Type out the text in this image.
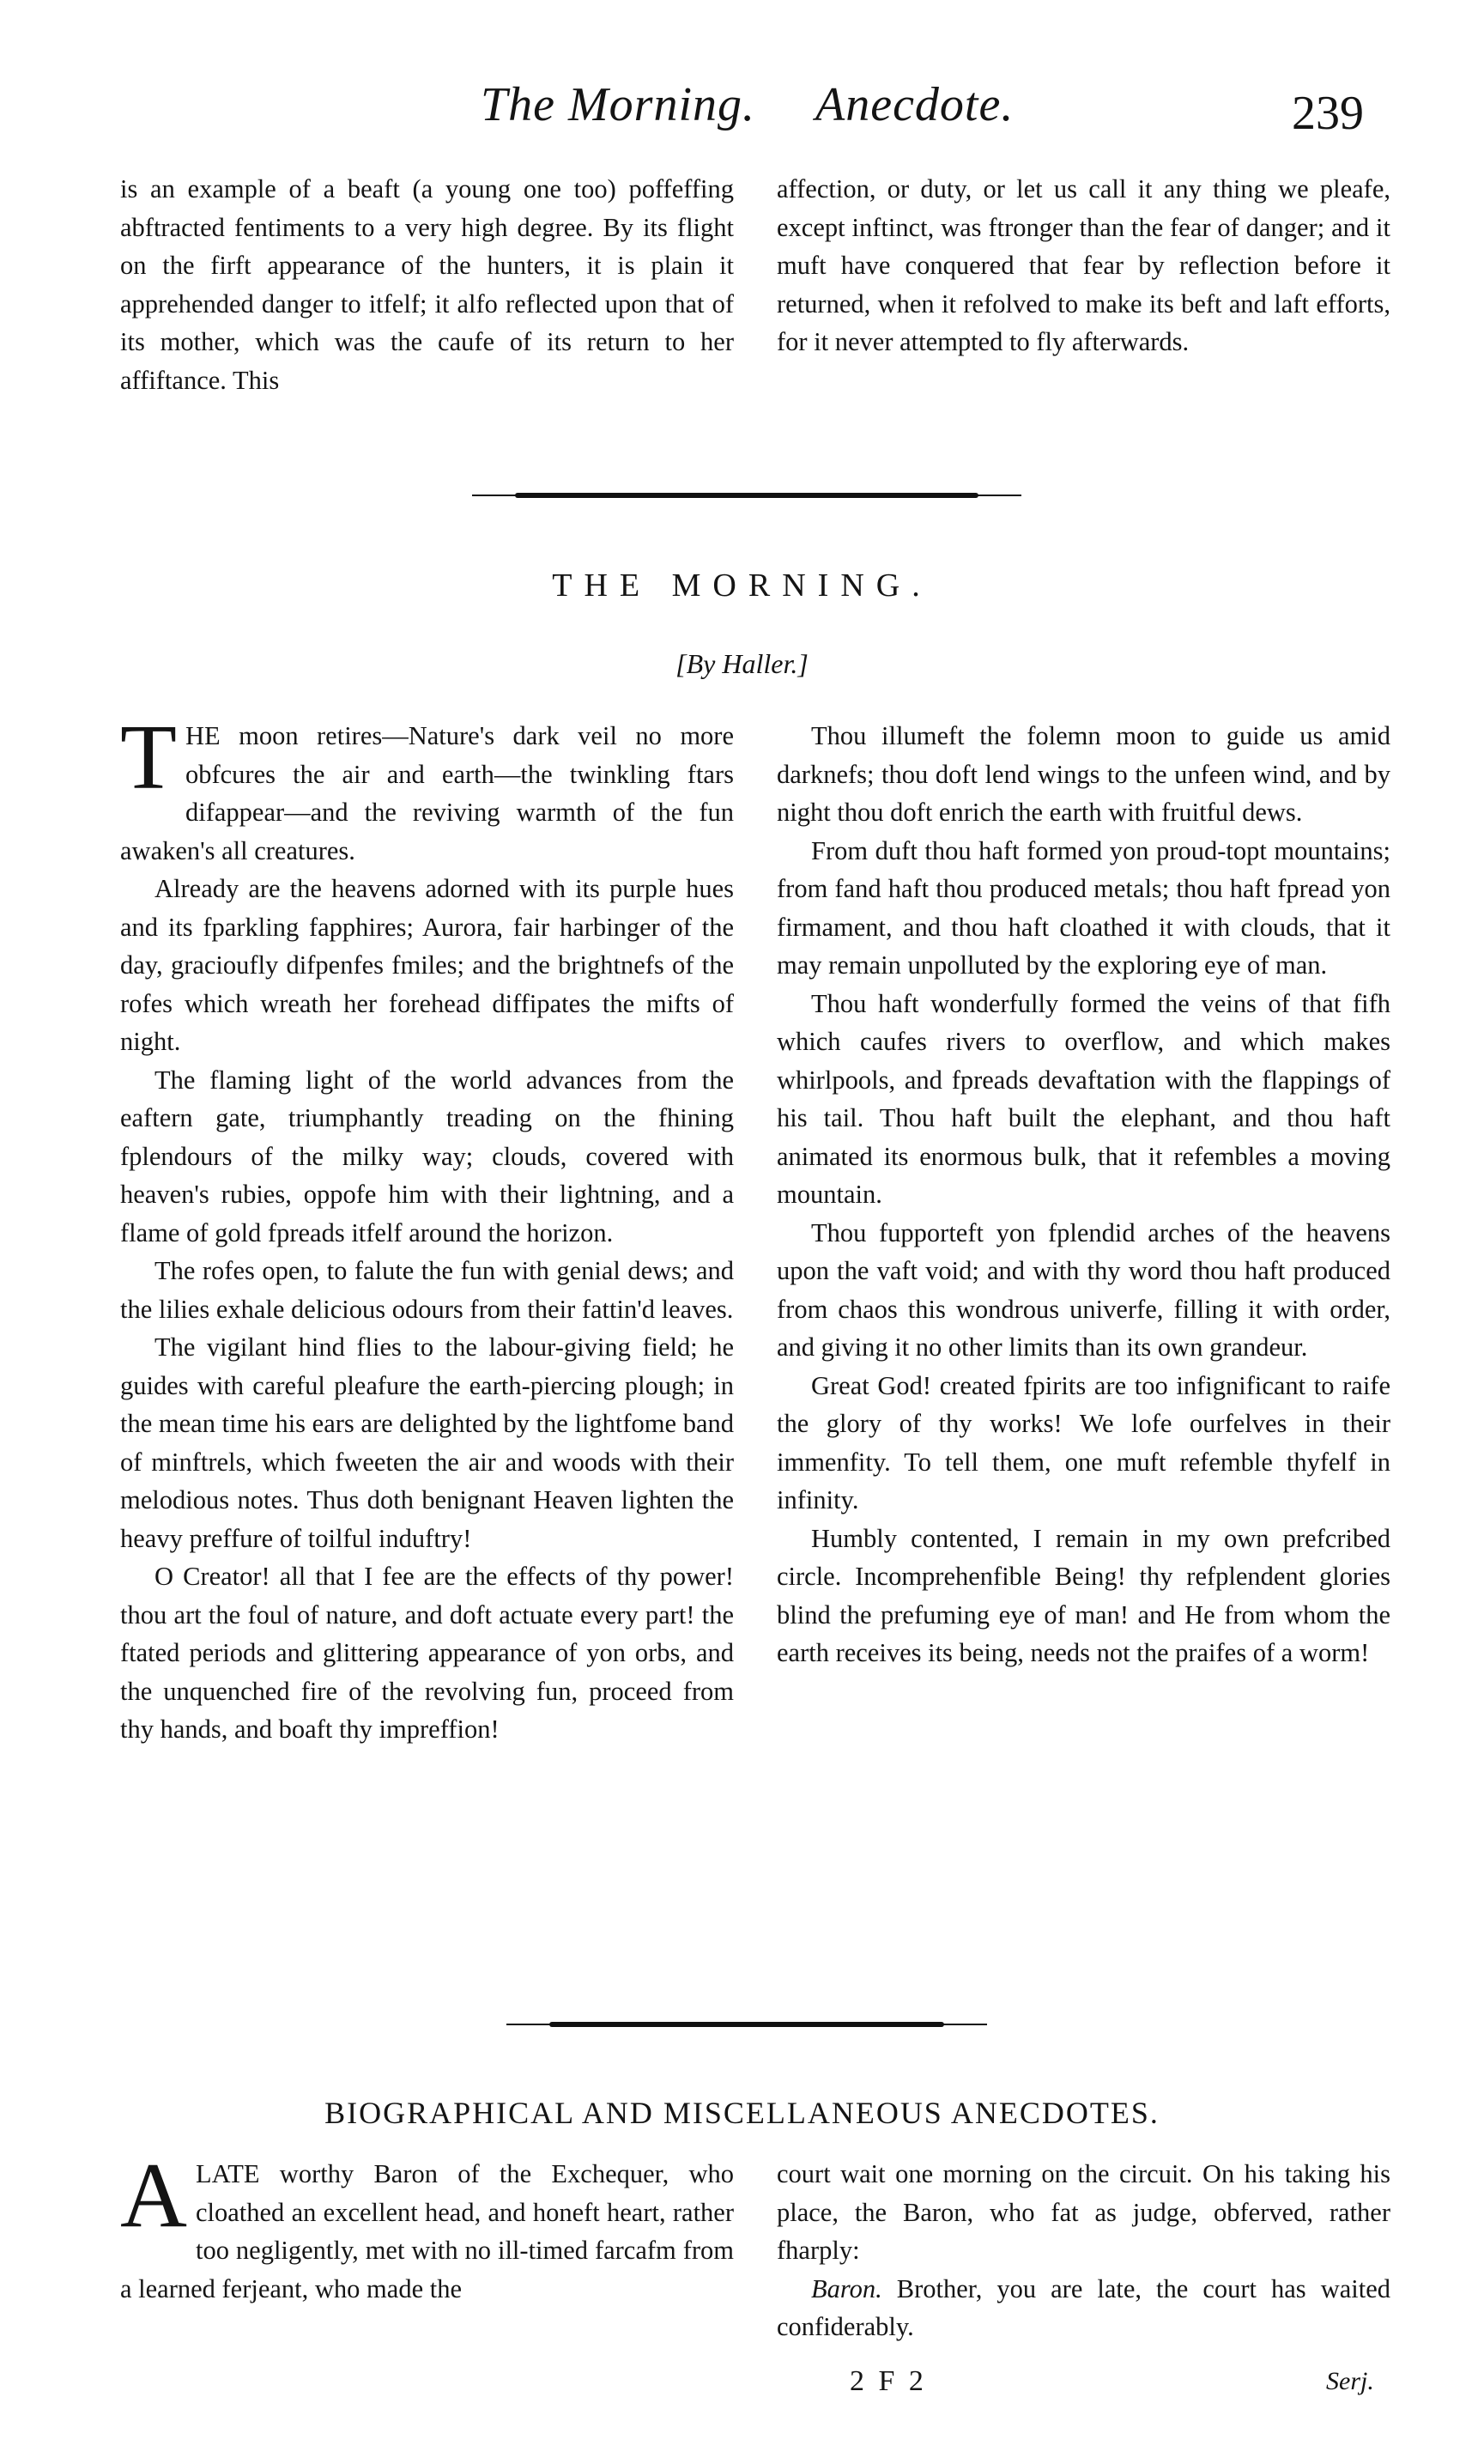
The Morning. Anecdote.	239

is an example of a beaft (a young one too) poffeffing abftracted fentiments to a very high degree. By its flight on the firft appearance of the hunters, it is plain it apprehended danger to itfelf; it alfo reflected upon that of its mother, which was the caufe of its return to her affiftance. This

affection, or duty, or let us call it any thing we pleafe, except inftinct, was ftronger than the fear of danger; and it muft have conquered that fear by reflection before it returned, when it refolved to make its beft and laft efforts, for it never attempted to fly afterwards.

THE MORNING.
[By Haller.]
T HE moon retires—Nature's dark veil no more obfcures the air and earth—the twinkling ftars difappear—and the reviving warmth of the fun awaken's all creatures.

Already are the heavens adorned with its purple hues and its fparkling fapphires; Aurora, fair harbinger of the day, gracioufly difpenfes fmiles; and the brightnefs of the rofes which wreath her forehead diffipates the mifts of night.

The flaming light of the world advances from the eaftern gate, triumphantly treading on the fhining fplendours of the milky way; clouds, covered with heaven's rubies, oppofe him with their lightning, and a flame of gold fpreads itfelf around the horizon.

The rofes open, to falute the fun with genial dews; and the lilies exhale delicious odours from their fattin'd leaves.

The vigilant hind flies to the labour-giving field; he guides with careful pleafure the earth-piercing plough; in the mean time his ears are delighted by the lightfome band of minftrels, which fweeten the air and woods with their melodious notes. Thus doth benignant Heaven lighten the heavy preffure of toilful induftry!

O Creator! all that I fee are the effects of thy power! thou art the foul of nature, and doft actuate every part! the ftated periods and glittering appearance of yon orbs, and the unquenched fire of the revolving fun, proceed from thy hands, and boaft thy impreffion!

Thou illumeft the folemn moon to guide us amid darknefs; thou doft lend wings to the unfeen wind, and by night thou doft enrich the earth with fruitful dews.

From duft thou haft formed yon proud-topt mountains; from fand haft thou produced metals; thou haft fpread yon firmament, and thou haft cloathed it with clouds, that it may remain unpolluted by the exploring eye of man.

Thou haft wonderfully formed the veins of that fifh which caufes rivers to overflow, and which makes whirlpools, and fpreads devaftation with the flappings of his tail. Thou haft built the elephant, and thou haft animated its enormous bulk, that it refembles a moving mountain.

Thou fupporteft yon fplendid arches of the heavens upon the vaft void; and with thy word thou haft produced from chaos this wondrous univerfe, filling it with order, and giving it no other limits than its own grandeur.

Great God! created fpirits are too infignificant to raife the glory of thy works! We lofe ourfelves in their immenfity. To tell them, one muft refemble thyfelf in infinity.

Humbly contented, I remain in my own prefcribed circle. Incomprehenfible Being! thy refplendent glories blind the prefuming eye of man! and He from whom the earth receives its being, needs not the praifes of a worm!

BIOGRAPHICAL AND MISCELLANEOUS ANECDOTES.
A LATE worthy Baron of the Exchequer, who cloathed an excellent head, and honeft heart, rather too negligently, met with no ill-timed farcafm from a learned ferjeant, who made the

court wait one morning on the circuit. On his taking his place, the Baron, who fat as judge, obferved, rather fharply:

Baron. Brother, you are late, the court has waited confiderably.

2 F 2	Serj.
